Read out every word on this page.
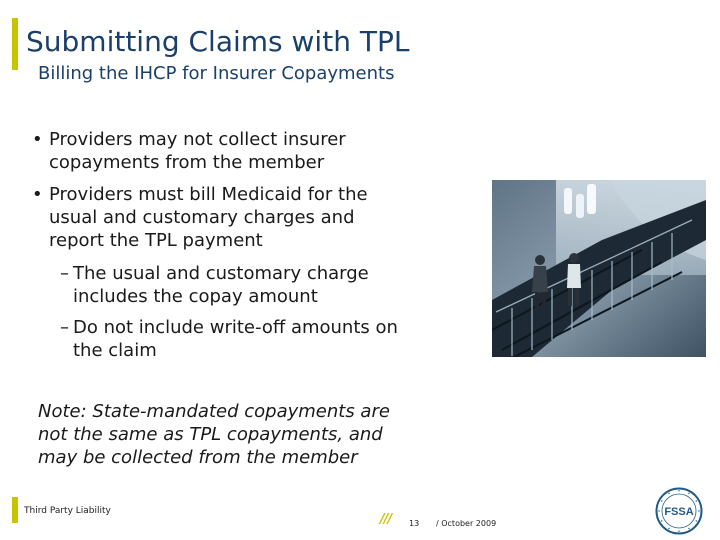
Submitting Claims with TPL
Billing the IHCP for Insurer Copayments
• Providers may not collect insurer
copayments from the member
• Providers must bill Medicaid for the
usual and customary charges and
report the TPL payment
– The usual and customary charge
includes the copay amount
– Do not include write-off amounts on
the claim
Note: State-mandated copayments are
not the same as TPL copayments, and
may be collected from the member
Third Party Liability
/// 13 / October 2009
FSSA
